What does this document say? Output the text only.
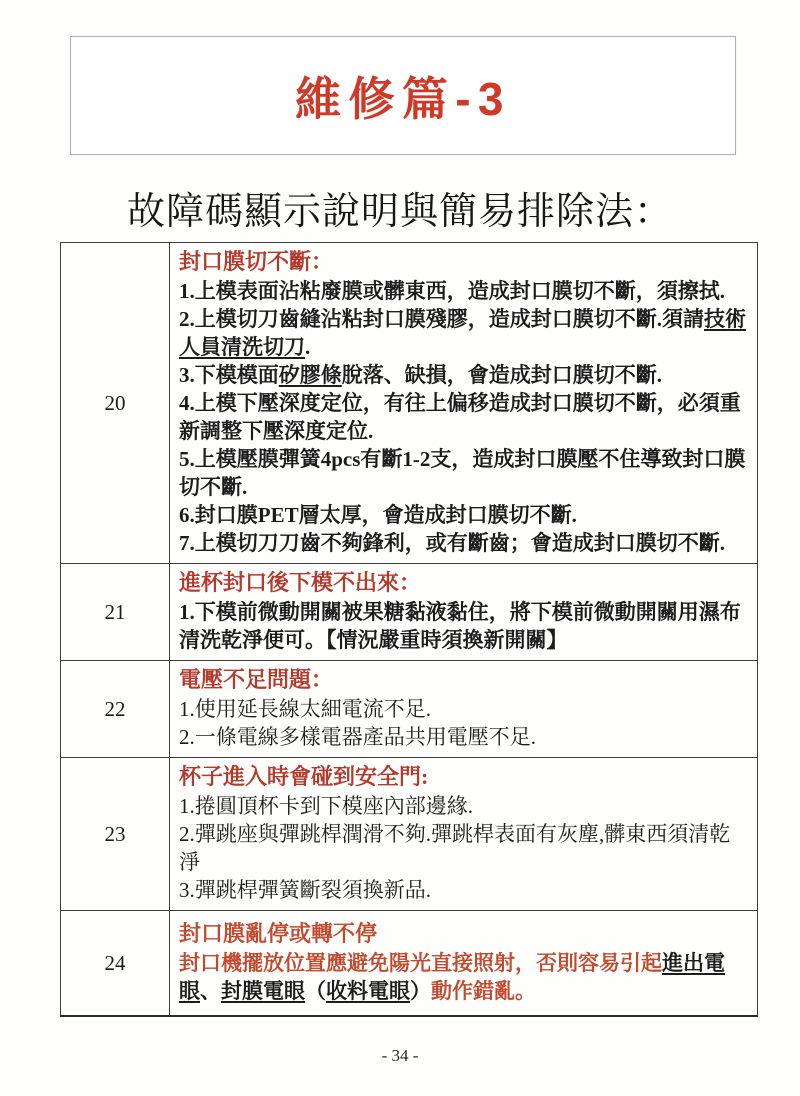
維修篇-3
故障碼顯示說明與簡易排除法：
20	
封口膜切不斷：
1.上模表面沾粘廢膜或髒東西，造成封口膜切不斷，須擦拭.
2.上模切刀齒縫沾粘封口膜殘膠，造成封口膜切不斷.須請技術人員清洗切刀.
3.下模模面矽膠條脫落、缺損，會造成封口膜切不斷.
4.上模下壓深度定位，有往上偏移造成封口膜切不斷，必須重新調整下壓深度定位.
5.上模壓膜彈簧4pcs有斷1-2支，造成封口膜壓不住導致封口膜切不斷.
6.封口膜PET層太厚，會造成封口膜切不斷.
7.上模切刀刀齒不夠鋒利，或有斷齒；會造成封口膜切不斷.

21	進杯封口後下模不出來：
1.下模前微動開關被果糖黏液黏住，將下模前微動開關用濕布清洗乾淨便可。【情況嚴重時須換新開關】

22	電壓不足問題：
1.使用延長線太細電流不足.
2.一條電線多樣電器產品共用電壓不足.

23	杯子進入時會碰到安全門:
1.捲圓頂杯卡到下模座內部邊緣.
2.彈跳座與彈跳桿潤滑不夠.彈跳桿表面有灰塵,髒東西須清乾淨
3.彈跳桿彈簧斷裂須換新品.

24	封口膜亂停或轉不停
封口機擺放位置應避免陽光直接照射，否則容易引起進出電眼、封膜電眼（收料電眼）動作錯亂。
- 34 -
